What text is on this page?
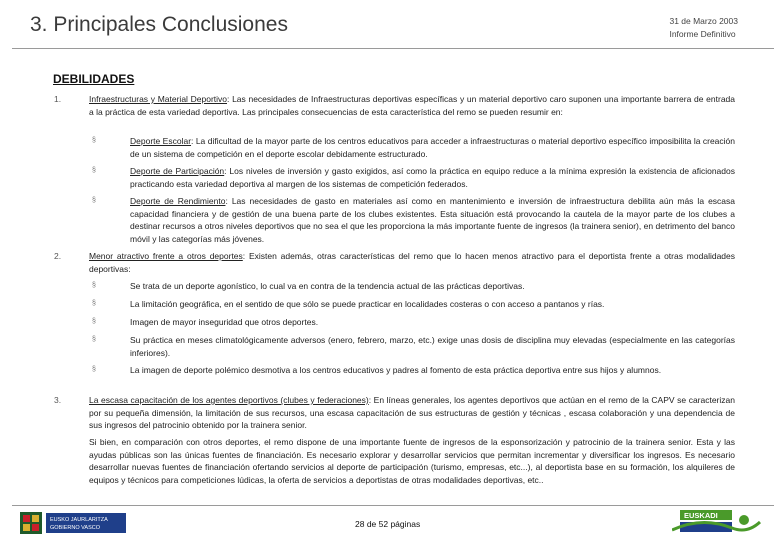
3. Principales Conclusiones	31 de Marzo 2003
Informe Definitivo
DEBILIDADES
1.	Infraestructuras y Material Deportivo: Las necesidades de Infraestructuras deportivas específicas y un material deportivo caro suponen una importante barrera de entrada a la práctica de esta variedad deportiva. Las principales consecuencias de esta característica del remo se pueden resumir en:
§	Deporte Escolar: La dificultad de la mayor parte de los centros educativos para acceder a infraestructuras o material deportivo específico imposibilita la creación de un sistema de competición en el deporte escolar debidamente estructurado.
§	Deporte de Participación: Los niveles de inversión y gasto exigidos, así como la práctica en equipo reduce a la mínima expresión la existencia de aficionados practicando esta variedad deportiva al margen de los sistemas de competición federados.
§	Deporte de Rendimiento: Las necesidades de gasto en materiales así como en mantenimiento e inversión de infraestructura debilita aún más la escasa capacidad financiera y de gestión de una buena parte de los clubes existentes. Esta situación está provocando la cautela de la mayor parte de los clubes a destinar recursos a otros niveles deportivos que no sea el que les proporciona la más importante fuente de ingresos (la trainera senior), en detrimento del banco móvil y las categorías más jóvenes.
2.	Menor atractivo frente a otros deportes: Existen además, otras características del remo que lo hacen menos atractivo para el deportista frente a otras modalidades deportivas:
§	Se trata de un deporte agonístico, lo cual va en contra de la tendencia actual de las prácticas deportivas.
§	La limitación geográfica, en el sentido de que sólo se puede practicar en localidades costeras o con acceso a pantanos y rías.
§	Imagen de mayor inseguridad que otros deportes.
§	Su práctica en meses climatológicamente adversos (enero, febrero, marzo, etc.) exige unas dosis de disciplina muy elevadas (especialmente en las categorías inferiores).
§	La imagen de deporte polémico desmotiva a los centros educativos y padres al fomento de esta práctica deportiva entre sus hijos y alumnos.
3.	La escasa capacitación de los agentes deportivos (clubes y federaciones): En líneas generales, los agentes deportivos que actúan en el remo de la CAPV se caracterizan por su pequeña dimensión, la limitación de sus recursos, una escasa capacitación de sus estructuras de gestión y técnicas , escasa colaboración y una dependencia de sus ingresos del patrocinio obtenido por la trainera senior.
Si bien, en comparación con otros deportes, el remo dispone de una importante fuente de ingresos de la esponsorización y patrocinio de la trainera senior. Esta y las ayudas públicas son las únicas fuentes de financiación. Es necesario explorar y desarrollar servicios que permitan incrementar y diversificar los ingresos. Es necesario desarrollar nuevas fuentes de financiación ofertando servicios al deporte de participación (turismo, empresas, etc...), al deportista base en su formación, los alquileres de equipos y técnicos para competiciones lúdicas, la oferta de servicios a deportistas de otras modalidades deportivas, etc..
EUSKO JAURLARITZA
GOBIERNO VASCO	28 de 52 páginas
EUSKADI
